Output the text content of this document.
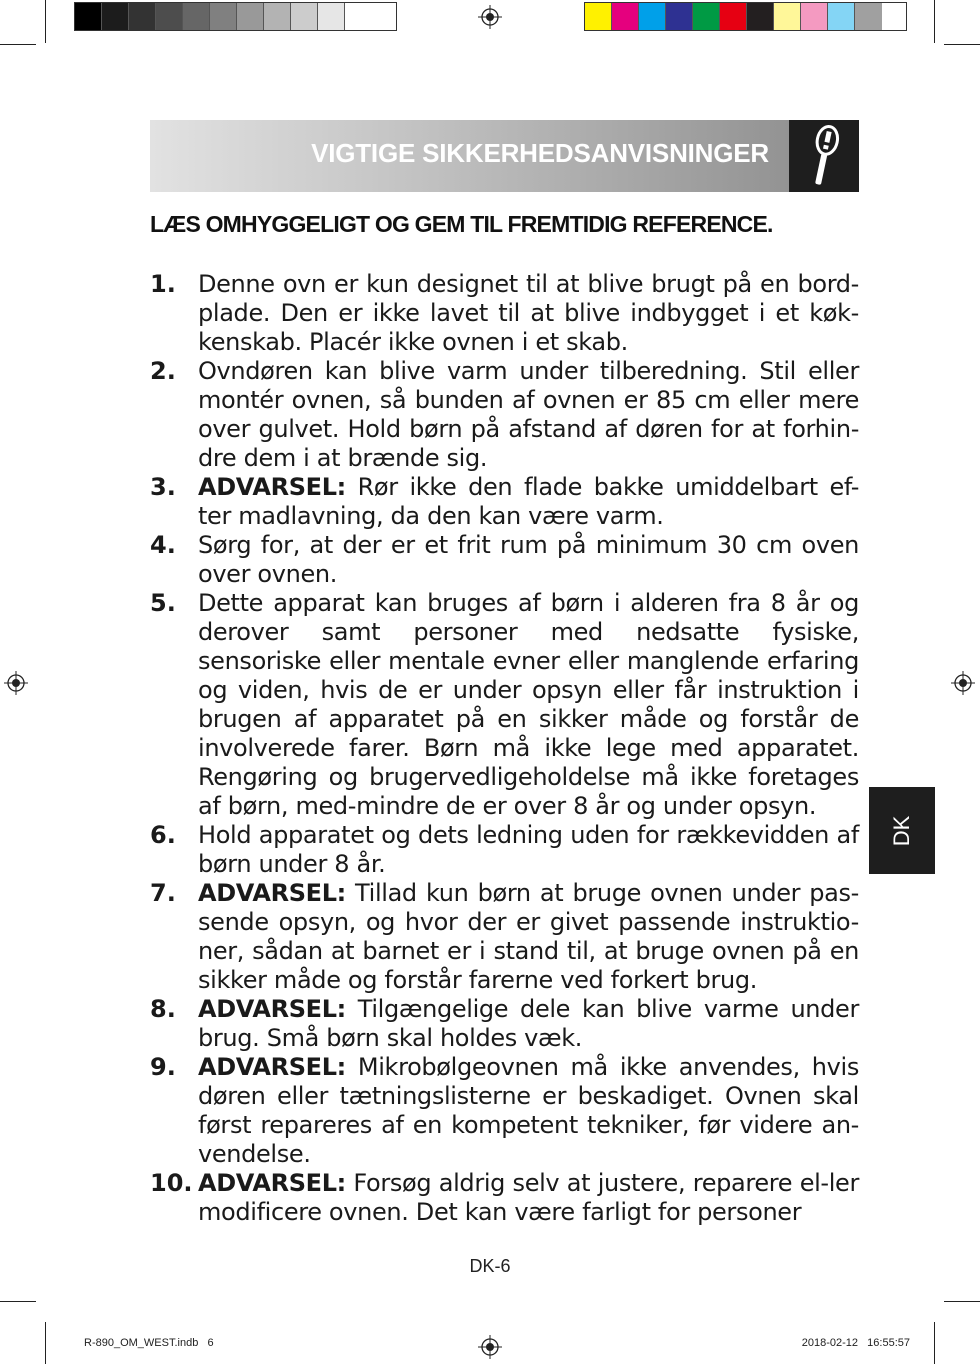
VIGTIGE SIKKERHEDSANVISNINGER
LÆS OMHYGGELIGT OG GEM TIL FREMTIDIG REFERENCE.
1. Denne ovn er kun designet til at blive brugt på en bord-plade. Den er ikke lavet til at blive indbygget i et køk-kenskab. Placér ikke ovnen i et skab.
2. Ovndøren kan blive varm under tilberedning. Stil eller montér ovnen, så bunden af ovnen er 85 cm eller mere over gulvet. Hold børn på afstand af døren for at forhin-dre dem i at brænde sig.
3. ADVARSEL: Rør ikke den flade bakke umiddelbart ef-ter madlavning, da den kan være varm.
4. Sørg for, at der er et frit rum på minimum 30 cm oven over ovnen.
5. Dette apparat kan bruges af børn i alderen fra 8 år og derover samt personer med nedsatte fysiske, sensoriske eller mentale evner eller manglende erfaring og viden, hvis de er under opsyn eller får instruktion i brugen af apparatet på en sikker måde og forstår de involverede farer. Børn må ikke lege med apparatet. Rengøring og brugervedligeholdelse må ikke foretages af børn, med-mindre de er over 8 år og under opsyn.
6. Hold apparatet og dets ledning uden for rækkevidden af børn under 8 år.
7. ADVARSEL: Tillad kun børn at bruge ovnen under pas-sende opsyn, og hvor der er givet passende instruktio-ner, sådan at barnet er i stand til, at bruge ovnen på en sikker måde og forstår farerne ved forkert brug.
8. ADVARSEL: Tilgængelige dele kan blive varme under brug. Små børn skal holdes væk.
9. ADVARSEL: Mikrobølgeovnen må ikke anvendes, hvis døren eller tætningslisterne er beskadiget. Ovnen skal først repareres af en kompetent tekniker, før videre an-vendelse.
10. ADVARSEL: Forsøg aldrig selv at justere, reparere el-ler modificere ovnen. Det kan være farligt for personer
DK
DK-6
R-890_OM_WEST.indb   6	2018-02-12   16:55:57
